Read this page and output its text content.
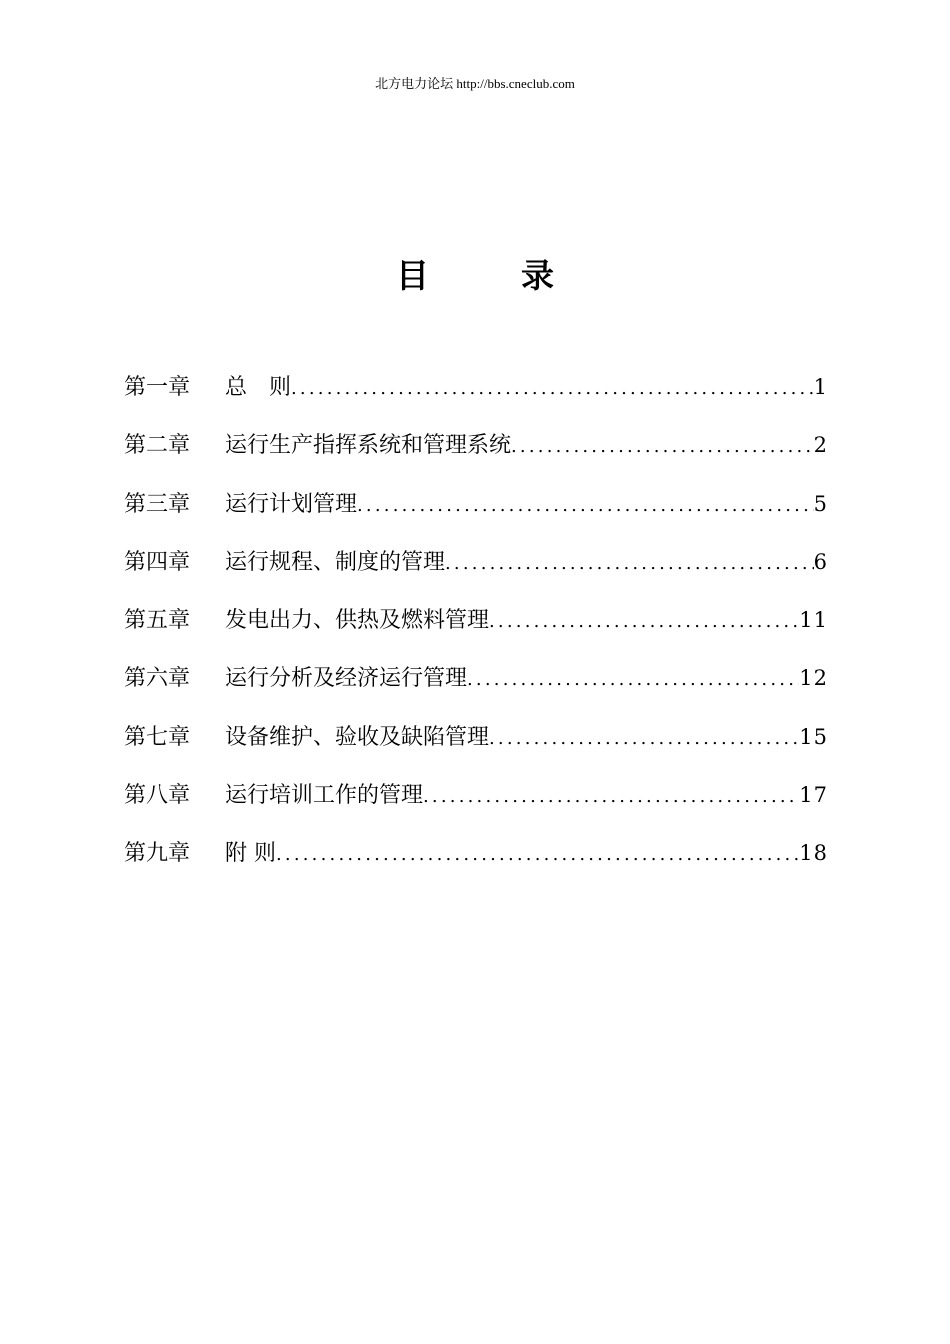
北方电力论坛 http://bbs.cneclub.com
目	录
第一章	总　则 .....	1
第二章	运行生产指挥系统和管理系统 .....	2
第三章	运行计划管理 .....	5
第四章	运行规程、制度的管理 .....	6
第五章	发电出力、供热及燃料管理 .....	11
第六章	运行分析及经济运行管理 .....	12
第七章	设备维护、验收及缺陷管理 .....	15
第八章	运行培训工作的管理 .....	17
第九章	附 则 .....	18
